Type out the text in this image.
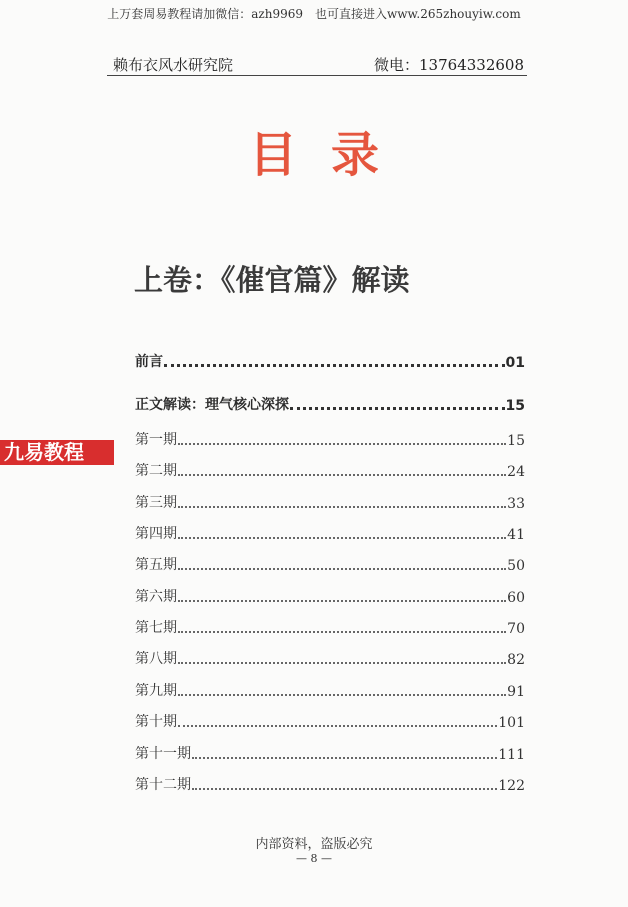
上万套周易教程请加微信：azh9969　也可直接进入www.265zhouyiw.com
赖布衣风水研究院	微电：13764332608
目录
上卷：《催官篇》解读
九易教程
前言	01
正文解读：理气核心深探	15
第一期	15
第二期	24
第三期	33
第四期	41
第五期	50
第六期	60
第七期	70
第八期	82
第九期	91
第十期	101
第十一期	111
第十二期	122
内部资料，盗版必究
— 8 —
